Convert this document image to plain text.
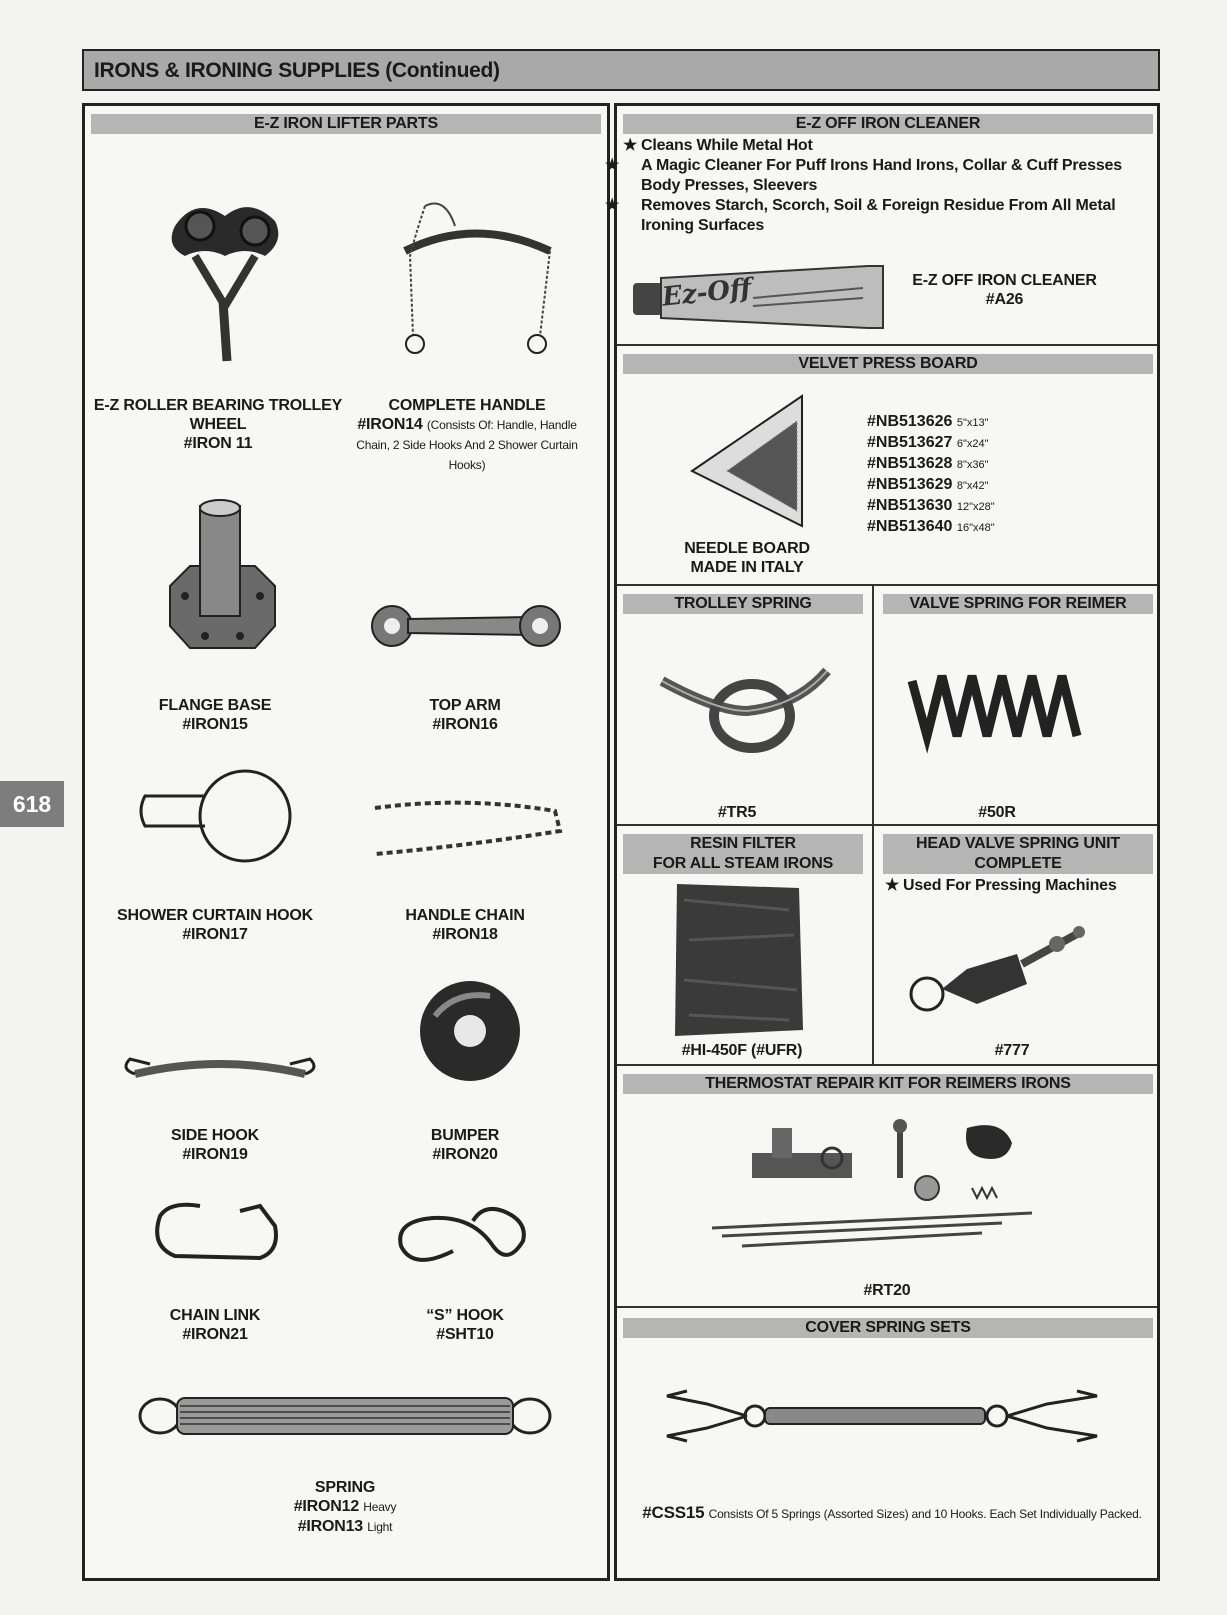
IRONS & IRONING SUPPLIES (Continued)
618
E-Z IRON LIFTER PARTS
E-Z ROLLER BEARING TROLLEY
WHEEL
#IRON 11
COMPLETE HANDLE
#IRON14 (Consists Of: Handle, Handle Chain, 2 Side Hooks And 2 Shower Curtain Hooks)
FLANGE BASE
#IRON15
TOP ARM
#IRON16
SHOWER CURTAIN HOOK
#IRON17
HANDLE CHAIN
#IRON18
SIDE HOOK
#IRON19
BUMPER
#IRON20
CHAIN LINK
#IRON21
“S” HOOK
#SHT10
SPRING
#IRON12 Heavy
#IRON13 Light
E-Z OFF IRON CLEANER
★ Cleans While Metal Hot
★ A Magic Cleaner For Puff Irons Hand Irons, Collar & Cuff Presses Body Presses, Sleevers
★ Removes Starch, Scorch, Soil & Foreign Residue From All Metal Ironing Surfaces
Ez-Off	E-Z OFF IRON CLEANER
#A26
VELVET PRESS BOARD
NEEDLE BOARD
MADE IN ITALY
#NB513626 5"x13"
#NB513627 6"x24"
#NB513628 8"x36"
#NB513629 8"x42"
#NB513630 12"x28"
#NB513640 16"x48"
TROLLEY SPRING	VALVE SPRING FOR REIMER
#TR5	#50R
RESIN FILTER
FOR ALL STEAM IRONS
HEAD VALVE SPRING UNIT
COMPLETE
★ Used For Pressing Machines
#HI-450F (#UFR)	#777
THERMOSTAT REPAIR KIT FOR REIMERS IRONS
#RT20
COVER SPRING SETS
#CSS15 Consists Of 5 Springs (Assorted Sizes) and 10 Hooks. Each Set Individually Packed.
